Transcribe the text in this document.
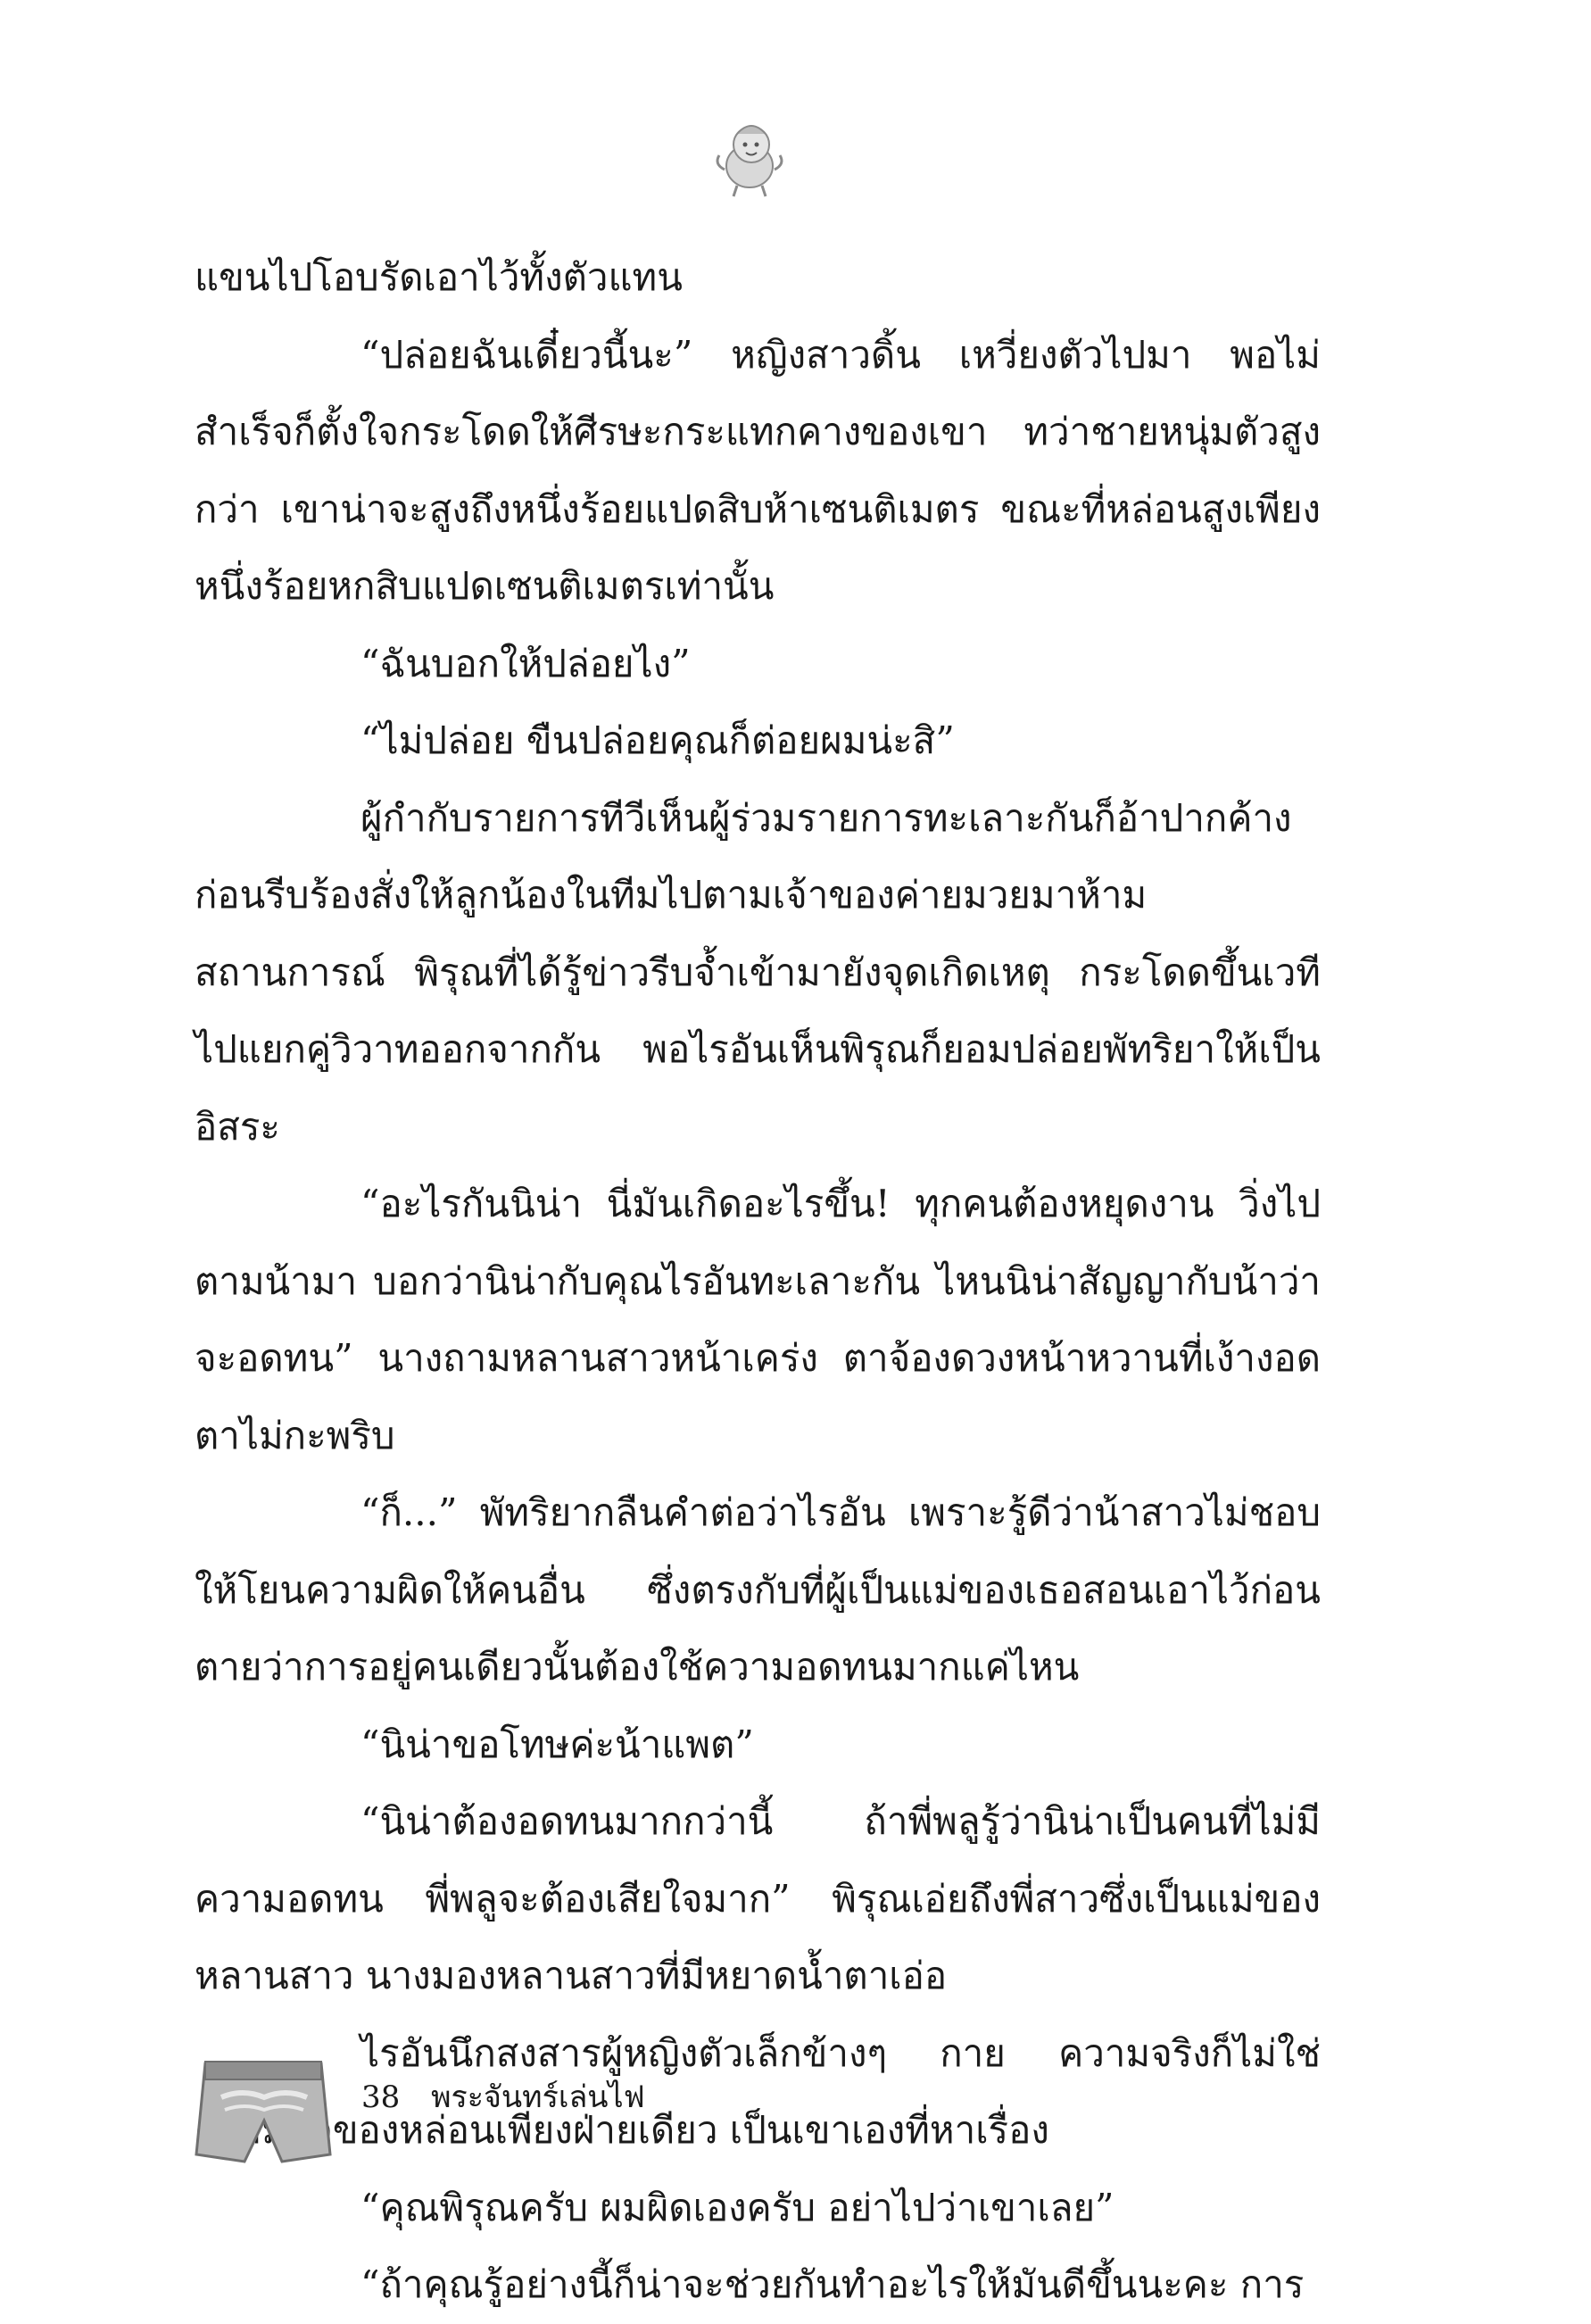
แขนไปโอบรัดเอาไว้ทั้งตัวแทน

“ปล่อยฉันเดี๋ยวนี้นะ” หญิงสาวดิ้น เหวี่ยงตัวไปมา พอไม่สำเร็จก็ตั้งใจกระโดดให้ศีรษะกระแทกคางของเขา ทว่าชายหนุ่มตัวสูงกว่า เขาน่าจะสูงถึงหนึ่งร้อยแปดสิบห้าเซนติเมตร ขณะที่หล่อนสูงเพียงหนึ่งร้อยหกสิบแปดเซนติเมตรเท่านั้น

“ฉันบอกให้ปล่อยไง”

“ไม่ปล่อย ขืนปล่อยคุณก็ต่อยผมน่ะสิ”

ผู้กำกับรายการทีวีเห็นผู้ร่วมรายการทะเลาะกันก็อ้าปากค้างก่อนรีบร้องสั่งให้ลูกน้องในทีมไปตามเจ้าของค่ายมวยมาห้ามสถานการณ์ พิรุณที่ได้รู้ข่าวรีบจ้ำเข้ามายังจุดเกิดเหตุ กระโดดขึ้นเวทีไปแยกคู่วิวาทออกจากกัน พอไรอันเห็นพิรุณก็ยอมปล่อยพัทริยาให้เป็นอิสระ

“อะไรกันนิน่า นี่มันเกิดอะไรขึ้น! ทุกคนต้องหยุดงาน วิ่งไปตามน้ามา บอกว่านิน่ากับคุณไรอันทะเลาะกัน ไหนนิน่าสัญญากับน้าว่าจะอดทน” นางถามหลานสาวหน้าเคร่ง ตาจ้องดวงหน้าหวานที่เง้างอดตาไม่กะพริบ

“ก็...” พัทริยากลืนคำต่อว่าไรอัน เพราะรู้ดีว่าน้าสาวไม่ชอบให้โยนความผิดให้คนอื่น ซึ่งตรงกับที่ผู้เป็นแม่ของเธอสอนเอาไว้ก่อนตายว่าการอยู่คนเดียวนั้นต้องใช้ความอดทนมากแค่ไหน

“นิน่าขอโทษค่ะน้าแพต”

“นิน่าต้องอดทนมากกว่านี้ ถ้าพี่พลูรู้ว่านิน่าเป็นคนที่ไม่มีความอดทน พี่พลูจะต้องเสียใจมาก” พิรุณเอ่ยถึงพี่สาวซึ่งเป็นแม่ของหลานสาว นางมองหลานสาวที่มีหยาดน้ำตาเอ่อ

ไรอันนึกสงสารผู้หญิงตัวเล็กข้างๆ กาย ความจริงก็ไม่ใช่ความผิดของหล่อนเพียงฝ่ายเดียว เป็นเขาเองที่หาเรื่อง

“คุณพิรุณครับ ผมผิดเองครับ อย่าไปว่าเขาเลย”

“ถ้าคุณรู้อย่างนี้ก็น่าจะช่วยกันทำอะไรให้มันดีขึ้นนะคะ การ

38 พระจันทร์เล่นไฟ
